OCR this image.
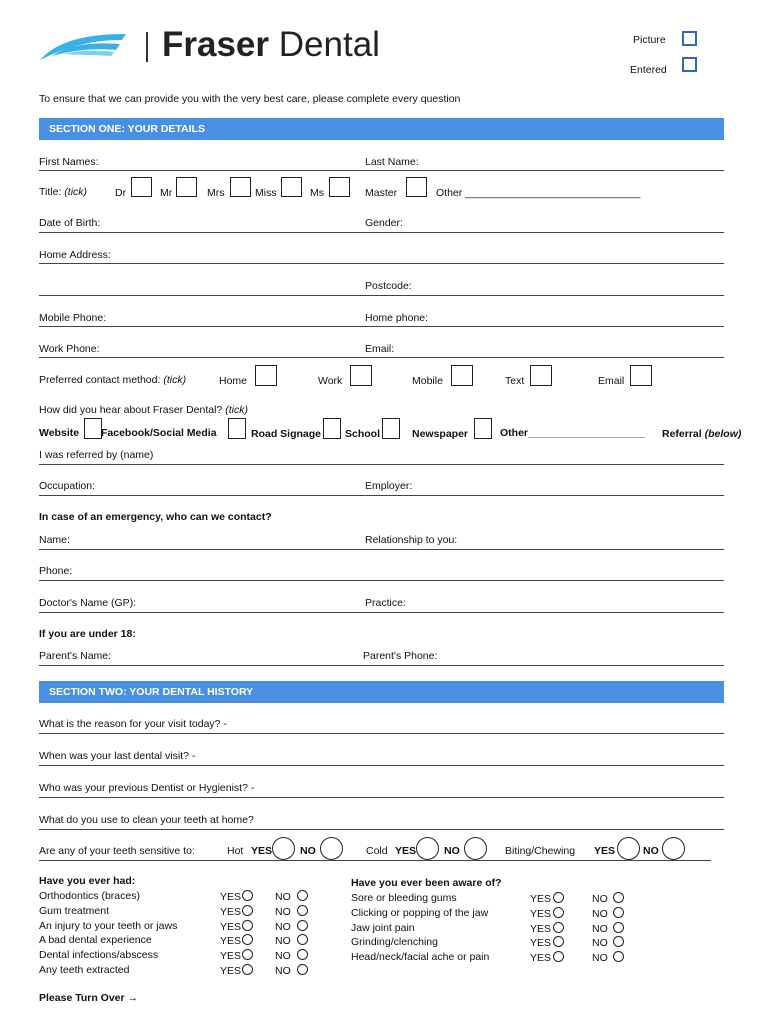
Fraser Dental	Picture
Entered
To ensure that we can provide you with the very best care, please complete every question
SECTION ONE: YOUR DETAILS
First Names:	Last Name:
Title: (tick)	Dr	Mr	Mrs	Miss	Ms	Master	Other ______________________________
Date of Birth:	Gender:
Home Address:
Postcode:
Mobile Phone:	Home phone:
Work Phone:	Email:
Preferred contact method: (tick)	Home	Work	Mobile	Text	Email
How did you hear about Fraser Dental? (tick)
Website Facebook/Social Media	Road Signage School	Newspaper	Other____________________ Referral (below)
I was referred by (name)
Occupation:	Employer:
In case of an emergency, who can we contact?
Name:	Relationship to you:
Phone:
Doctor's Name (GP):	Practice:
If you are under 18:
Parent's Name:	Parent's Phone:
SECTION TWO: YOUR DENTAL HISTORY
What is the reason for your visit today? -
When was your last dental visit? -
Who was your previous Dentist or Hygienist? -
What do you use to clean your teeth at home?
Are any of your teeth sensitive to:	Hot YES	NO	Cold YES	NO	Biting/Chewing YES	NO
Have you ever had:
Orthodontics (braces)	YES	NO
Gum treatment	YES	NO
An injury to your teeth or jaws	YES	NO
A bad dental experience	YES	NO
Dental infections/abscess	YES	NO
Any teeth extracted	YES	NO
Have you ever been aware of?
Sore or bleeding gums	YES	NO
Clicking or popping of the jaw	YES	NO
Jaw joint pain	YES	NO
Grinding/clenching	YES	NO
Head/neck/facial ache or pain	YES	NO
Please Turn Over →
